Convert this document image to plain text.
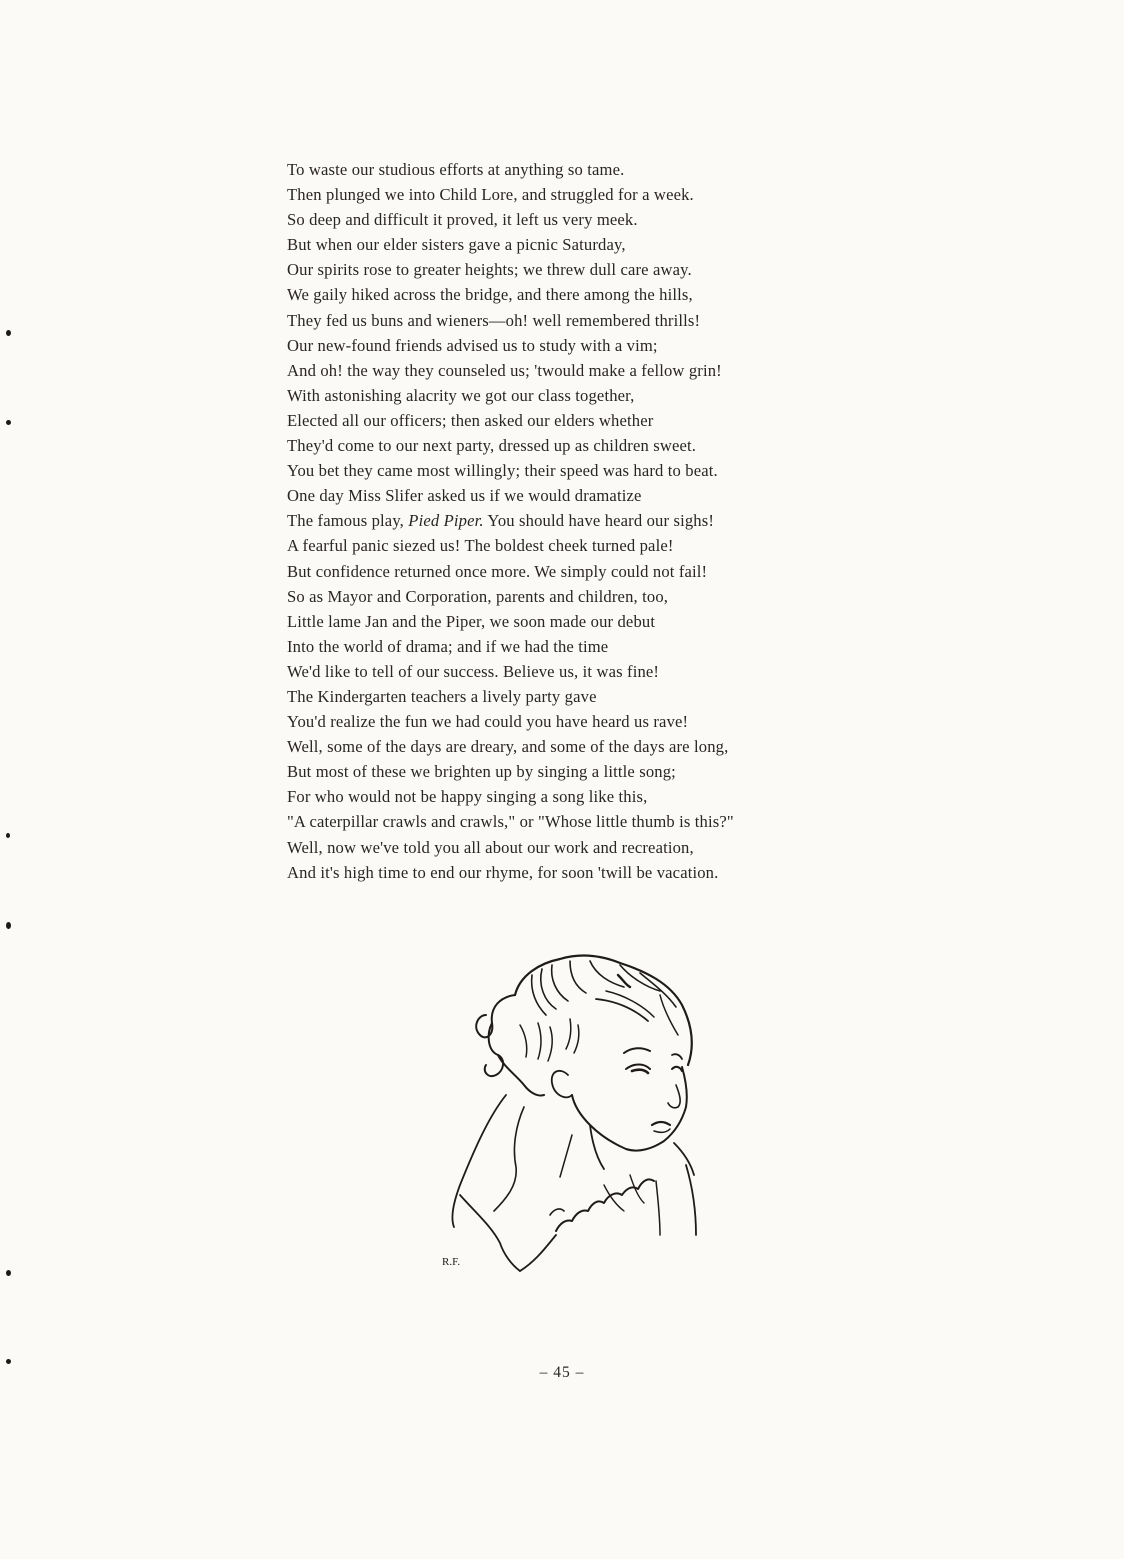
To waste our studious efforts at anything so tame.
Then plunged we into Child Lore, and struggled for a week.
So deep and difficult it proved, it left us very meek.
But when our elder sisters gave a picnic Saturday,
Our spirits rose to greater heights; we threw dull care away.
We gaily hiked across the bridge, and there among the hills,
They fed us buns and wieners—oh! well remembered thrills!
Our new-found friends advised us to study with a vim;
And oh! the way they counseled us; 'twould make a fellow grin!
With astonishing alacrity we got our class together,
Elected all our officers; then asked our elders whether
They'd come to our next party, dressed up as children sweet.
You bet they came most willingly; their speed was hard to beat.
One day Miss Slifer asked us if we would dramatize
The famous play, Pied Piper. You should have heard our sighs!
A fearful panic siezed us! The boldest cheek turned pale!
But confidence returned once more. We simply could not fail!
So as Mayor and Corporation, parents and children, too,
Little lame Jan and the Piper, we soon made our debut
Into the world of drama; and if we had the time
We'd like to tell of our success. Believe us, it was fine!
The Kindergarten teachers a lively party gave
You'd realize the fun we had could you have heard us rave!
Well, some of the days are dreary, and some of the days are long,
But most of these we brighten up by singing a little song;
For who would not be happy singing a song like this,
"A caterpillar crawls and crawls," or "Whose little thumb is this?"
Well, now we've told you all about our work and recreation,
And it's high time to end our rhyme, for soon 'twill be vacation.
R.F.
– 45 –
